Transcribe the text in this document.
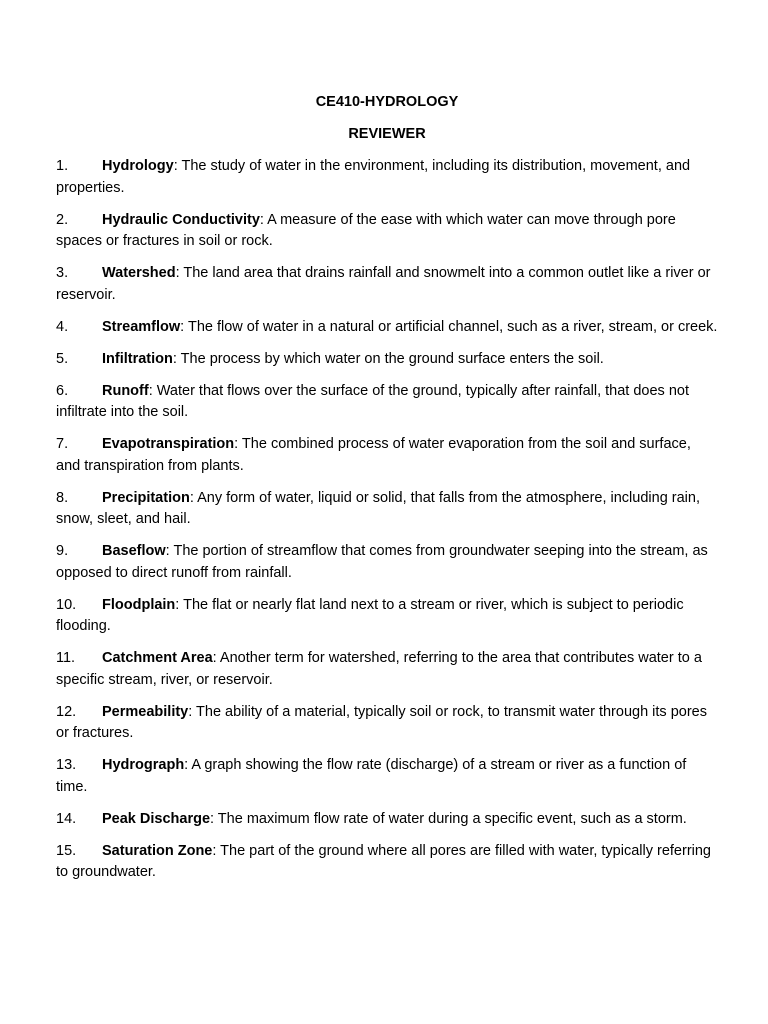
CE410-HYDROLOGY
REVIEWER
1. Hydrology: The study of water in the environment, including its distribution, movement, and properties.
2. Hydraulic Conductivity: A measure of the ease with which water can move through pore spaces or fractures in soil or rock.
3. Watershed: The land area that drains rainfall and snowmelt into a common outlet like a river or reservoir.
4. Streamflow: The flow of water in a natural or artificial channel, such as a river, stream, or creek.
5. Infiltration: The process by which water on the ground surface enters the soil.
6. Runoff: Water that flows over the surface of the ground, typically after rainfall, that does not infiltrate into the soil.
7. Evapotranspiration: The combined process of water evaporation from the soil and surface, and transpiration from plants.
8. Precipitation: Any form of water, liquid or solid, that falls from the atmosphere, including rain, snow, sleet, and hail.
9. Baseflow: The portion of streamflow that comes from groundwater seeping into the stream, as opposed to direct runoff from rainfall.
10. Floodplain: The flat or nearly flat land next to a stream or river, which is subject to periodic flooding.
11. Catchment Area: Another term for watershed, referring to the area that contributes water to a specific stream, river, or reservoir.
12. Permeability: The ability of a material, typically soil or rock, to transmit water through its pores or fractures.
13. Hydrograph: A graph showing the flow rate (discharge) of a stream or river as a function of time.
14. Peak Discharge: The maximum flow rate of water during a specific event, such as a storm.
15. Saturation Zone: The part of the ground where all pores are filled with water, typically referring to groundwater.
